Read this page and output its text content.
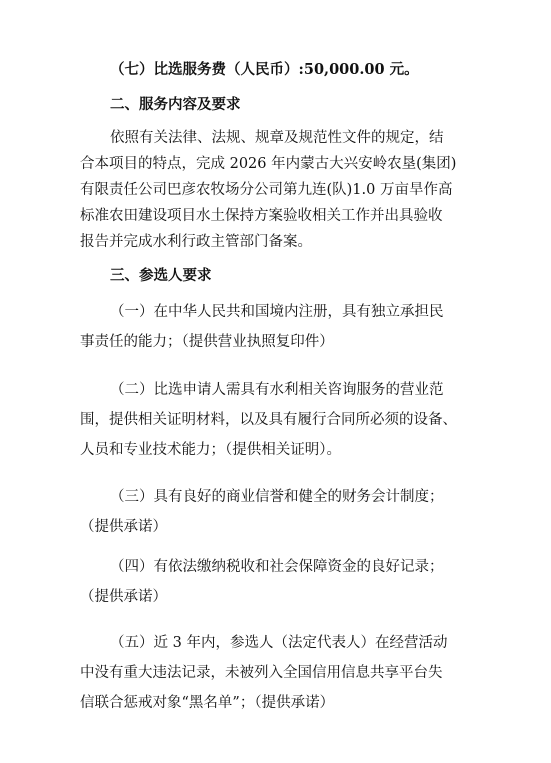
（七）比选服务费（人民币）:50,000.00 元。
二、服务内容及要求
依照有关法律、法规、规章及规范性文件的规定，结
合本项目的特点，完成 2026 年内蒙古大兴安岭农垦(集团)
有限责任公司巴彦农牧场分公司第九连(队)1.0 万亩旱作高
标准农田建设项目水土保持方案验收相关工作并出具验收
报告并完成水利行政主管部门备案。
三、参选人要求
（一）在中华人民共和国境内注册，具有独立承担民
事责任的能力；（提供营业执照复印件）
（二）比选申请人需具有水利相关咨询服务的营业范
围，提供相关证明材料，以及具有履行合同所必须的设备、
人员和专业技术能力；（提供相关证明）。
（三）具有良好的商业信誉和健全的财务会计制度；
（提供承诺）
（四）有依法缴纳税收和社会保障资金的良好记录；
（提供承诺）
（五）近 3 年内，参选人（法定代表人）在经营活动
中没有重大违法记录，未被列入全国信用信息共享平台失
信联合惩戒对象“黑名单”；（提供承诺）
